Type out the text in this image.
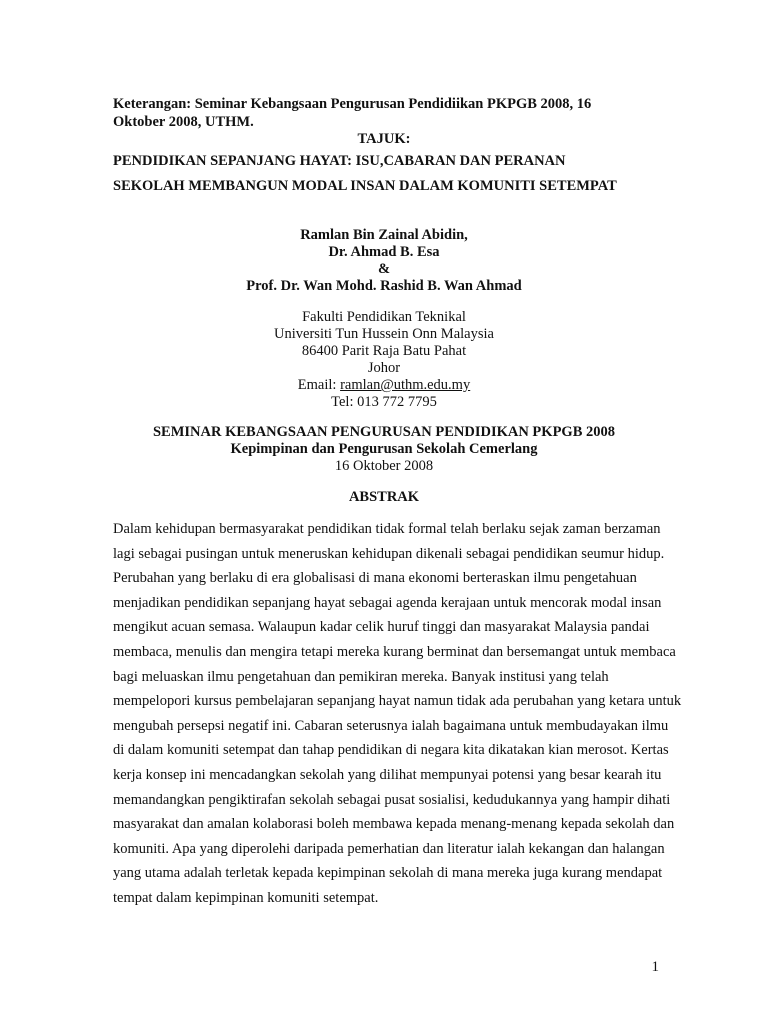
Keterangan: Seminar Kebangsaan Pengurusan Pendidiikan PKPGB 2008, 16 Oktober 2008, UTHM.
TAJUK:
PENDIDIKAN SEPANJANG HAYAT: ISU,CABARAN DAN PERANAN
SEKOLAH MEMBANGUN MODAL INSAN DALAM KOMUNITI SETEMPAT
Ramlan Bin Zainal Abidin,
Dr. Ahmad B. Esa
&
Prof. Dr. Wan Mohd. Rashid B. Wan Ahmad
Fakulti Pendidikan Teknikal
Universiti Tun Hussein Onn Malaysia
86400 Parit Raja Batu Pahat
Johor
Email: ramlan@uthm.edu.my
Tel: 013 772 7795
SEMINAR KEBANGSAAN PENGURUSAN PENDIDIKAN PKPGB 2008
Kepimpinan dan Pengurusan Sekolah Cemerlang
16 Oktober 2008
ABSTRAK
Dalam kehidupan bermasyarakat pendidikan tidak formal telah berlaku sejak zaman berzaman
lagi sebagai pusingan untuk meneruskan kehidupan dikenali sebagai pendidikan seumur hidup.
Perubahan yang berlaku di era globalisasi di mana ekonomi berteraskan ilmu pengetahuan
menjadikan pendidikan sepanjang hayat sebagai agenda kerajaan untuk mencorak modal insan
mengikut acuan semasa. Walaupun kadar celik huruf tinggi dan masyarakat Malaysia pandai
membaca, menulis dan mengira tetapi mereka kurang berminat dan bersemangat untuk membaca
bagi meluaskan ilmu pengetahuan dan pemikiran mereka. Banyak institusi yang telah
mempelopori kursus pembelajaran sepanjang hayat namun tidak ada perubahan yang ketara untuk
mengubah persepsi negatif ini. Cabaran seterusnya ialah bagaimana untuk membudayakan ilmu
di dalam komuniti setempat dan tahap pendidikan di negara kita dikatakan kian merosot. Kertas
kerja konsep ini mencadangkan sekolah yang dilihat mempunyai potensi yang besar kearah itu
memandangkan pengiktirafan sekolah sebagai pusat sosialisi, kedudukannya yang hampir dihati
masyarakat dan amalan kolaborasi boleh membawa kepada menang-menang kepada sekolah dan
komuniti. Apa yang diperolehi daripada pemerhatian dan literatur ialah kekangan dan halangan
yang utama adalah terletak kepada kepimpinan sekolah di mana mereka juga kurang mendapat
tempat dalam kepimpinan komuniti setempat.
1
